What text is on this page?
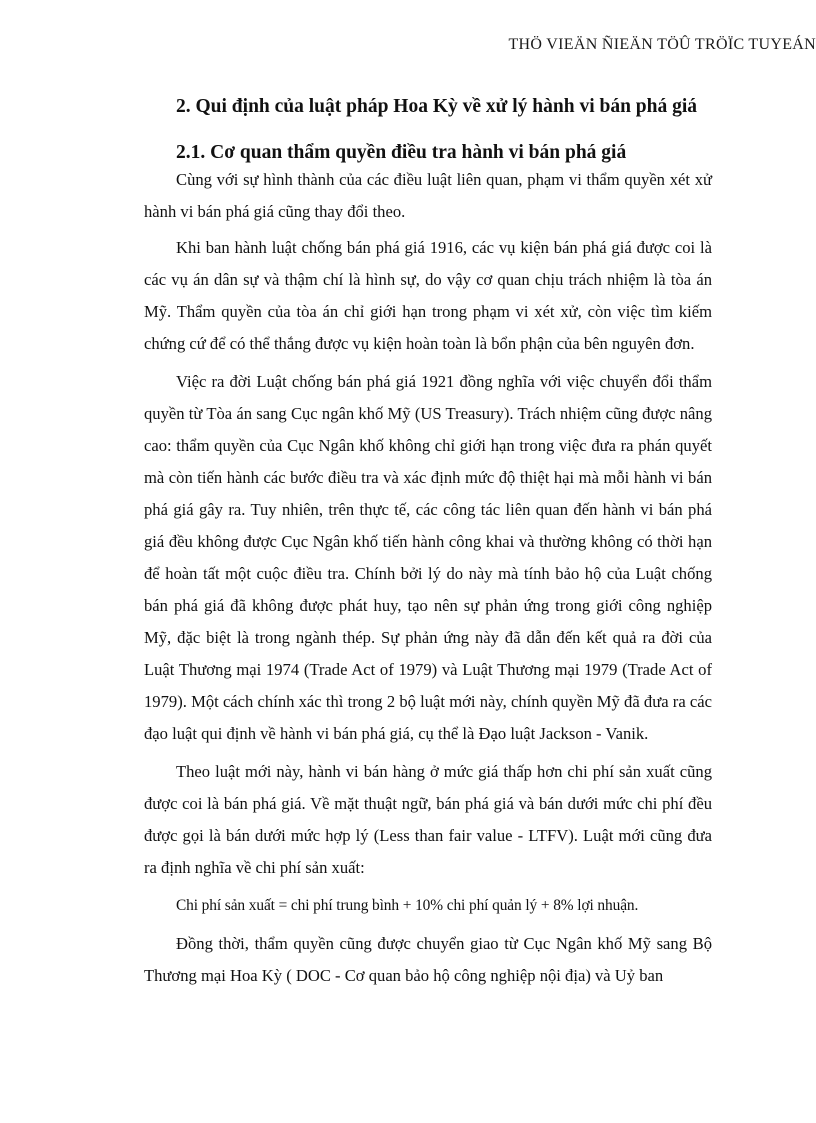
THÖ VIEÄN ÑIEÄN TÖÛ TRÖÏC TUYEÁN
2. Qui định của luật pháp Hoa Kỳ về xử lý hành vi bán phá giá
2.1. Cơ quan thẩm quyền điều tra hành vi bán phá giá

Cùng với sự hình thành của các điều luật liên quan, phạm vi thẩm quyền xét xử hành vi bán phá giá cũng thay đổi theo.

Khi ban hành luật chống bán phá giá 1916, các vụ kiện bán phá giá được coi là các vụ án dân sự và thậm chí là hình sự, do vậy cơ quan chịu trách nhiệm là tòa án Mỹ. Thẩm quyền của tòa án chỉ giới hạn trong phạm vi xét xử, còn việc tìm kiếm chứng cứ để có thể thắng được vụ kiện hoàn toàn là bổn phận của bên nguyên đơn.

Việc ra đời Luật chống bán phá giá 1921 đồng nghĩa với việc chuyển đổi thẩm quyền từ Tòa án sang Cục ngân khố Mỹ (US Treasury). Trách nhiệm cũng được nâng cao: thẩm quyền của Cục Ngân khố không chỉ giới hạn trong việc đưa ra phán quyết mà còn tiến hành các bước điều tra và xác định mức độ thiệt hại mà mỗi hành vi bán phá giá gây ra. Tuy nhiên, trên thực tế, các công tác liên quan đến hành vi bán phá giá đều không được Cục Ngân khố tiến hành công khai và thường không có thời hạn để hoàn tất một cuộc điều tra. Chính bởi lý do này mà tính bảo hộ của Luật chống bán phá giá đã không được phát huy, tạo nên sự phản ứng trong giới công nghiệp Mỹ, đặc biệt là trong ngành thép. Sự phản ứng này đã dẫn đến kết quả ra đời của Luật Thương mại 1974 (Trade Act of 1979) và Luật Thương mại 1979 (Trade Act of 1979). Một cách chính xác thì trong 2 bộ luật mới này, chính quyền Mỹ đã đưa ra các đạo luật qui định về hành vi bán phá giá, cụ thể là Đạo luật Jackson - Vanik.

Theo luật mới này, hành vi bán hàng ở mức giá thấp hơn chi phí sản xuất cũng được coi là bán phá giá. Về mặt thuật ngữ, bán phá giá và bán dưới mức chi phí đều được gọi là bán dưới mức hợp lý (Less than fair value - LTFV). Luật mới cũng đưa ra định nghĩa về chi phí sản xuất:

Chi phí sản xuất = chi phí trung bình + 10% chi phí quản lý + 8% lợi nhuận.

Đồng thời, thẩm quyền cũng được chuyển giao từ Cục Ngân khố Mỹ sang Bộ Thương mại Hoa Kỳ ( DOC - Cơ quan bảo hộ công nghiệp nội địa) và Uỷ ban
